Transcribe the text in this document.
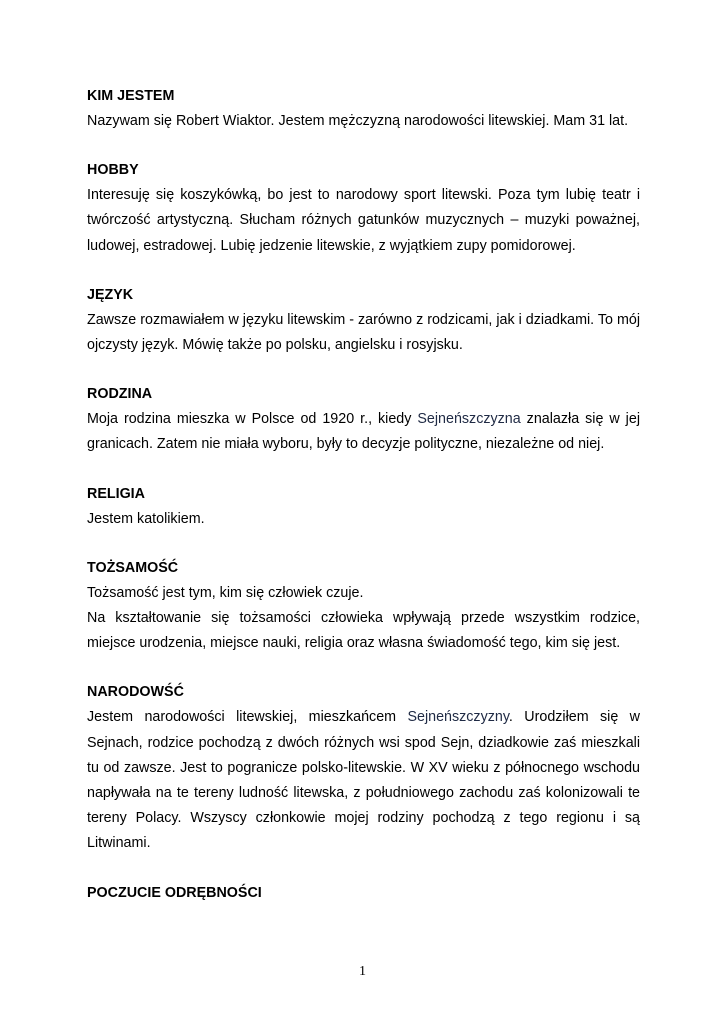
KIM JESTEM

Nazywam się Robert Wiaktor. Jestem mężczyzną narodowości litewskiej. Mam 31 lat.

HOBBY

Interesuję się koszykówką, bo jest to narodowy sport litewski. Poza tym lubię teatr i twórczość artystyczną. Słucham różnych gatunków muzycznych – muzyki poważnej, ludowej, estradowej. Lubię jedzenie litewskie, z wyjątkiem zupy pomidorowej.

JĘZYK

Zawsze rozmawiałem w języku litewskim - zarówno z rodzicami, jak i dziadkami. To mój ojczysty język. Mówię także po polsku, angielsku i rosyjsku.

RODZINA

Moja rodzina mieszka w Polsce od 1920 r., kiedy Sejneńszczyzna znalazła się w jej granicach. Zatem nie miała wyboru, były to decyzje polityczne, niezależne od niej.

RELIGIA

Jestem katolikiem.

TOŻSAMOŚĆ

Tożsamość jest tym, kim się człowiek czuje.

Na kształtowanie się tożsamości człowieka wpływają przede wszystkim rodzice, miejsce urodzenia, miejsce nauki, religia oraz własna świadomość tego, kim się jest.

NARODOWŚĆ

Jestem narodowości litewskiej, mieszkańcem Sejneńszczyzny. Urodziłem się w Sejnach, rodzice pochodzą z dwóch różnych wsi spod Sejn, dziadkowie zaś mieszkali tu od zawsze. Jest to pogranicze polsko-litewskie. W XV wieku z północnego wschodu napływała na te tereny ludność litewska, z południowego zachodu zaś kolonizowali te tereny Polacy. Wszyscy członkowie mojej rodziny pochodzą z tego regionu i są Litwinami.

POCZUCIE ODRĘBNOŚCI

1
